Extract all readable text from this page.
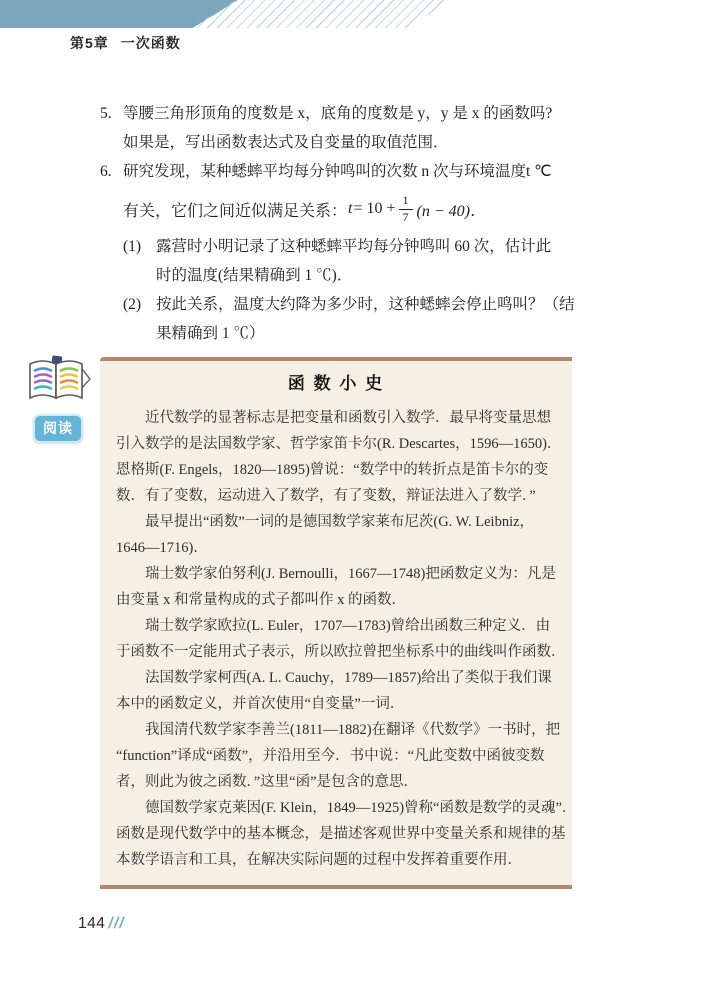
第5章 一次函数
5. 等腰三角形顶角的度数是 x，底角的度数是 y，y 是 x 的函数吗?
如果是，写出函数表达式及自变量的取值范围．
6. 研究发现，某种蟋蟀平均每分钟鸣叫的次数 n 次与环境温度t ℃
有关，它们之间近似满足关系： $t = 10 + \frac{1}{7} (n - 40)$．
(1) 露营时小明记录了这种蟋蟀平均每分钟鸣叫 60 次，估计此
时的温度(结果精确到 1 ℃)．
(2) 按此关系，温度大约降为多少时，这种蟋蟀会停止鸣叫？（结
果精确到 1 ℃）
阅读
函 数 小 史
近代数学的显著标志是把变量和函数引入数学．最早将变量思想
引入数学的是法国数学家、哲学家笛卡尔(R. Descartes，1596—1650)．
恩格斯(F. Engels，1820—1895)曾说：“数学中的转折点是笛卡尔的变
数．有了变数，运动进入了数学，有了变数，辩证法进入了数学．”
最早提出“函数”一词的是德国数学家莱布尼茨(G. W. Leibniz，
1646—1716)．
瑞士数学家伯努利(J. Bernoulli，1667—1748)把函数定义为：凡是
由变量 x 和常量构成的式子都叫作 x 的函数．
瑞士数学家欧拉(L. Euler，1707—1783)曾给出函数三种定义．由
于函数不一定能用式子表示，所以欧拉曾把坐标系中的曲线叫作函数．
法国数学家柯西(A. L. Cauchy，1789—1857)给出了类似于我们课
本中的函数定义，并首次使用“自变量”一词．
我国清代数学家李善兰(1811—1882)在翻译《代数学》一书时，把
“function”译成“函数”，并沿用至今．书中说：“凡此变数中函彼变数
者，则此为彼之函数．”这里“函”是包含的意思．
德国数学家克莱因(F. Klein，1849—1925)曾称“函数是数学的灵魂”．
函数是现代数学中的基本概念，是描述客观世界中变量关系和规律的基
本数学语言和工具，在解决实际问题的过程中发挥着重要作用．
144 ///
